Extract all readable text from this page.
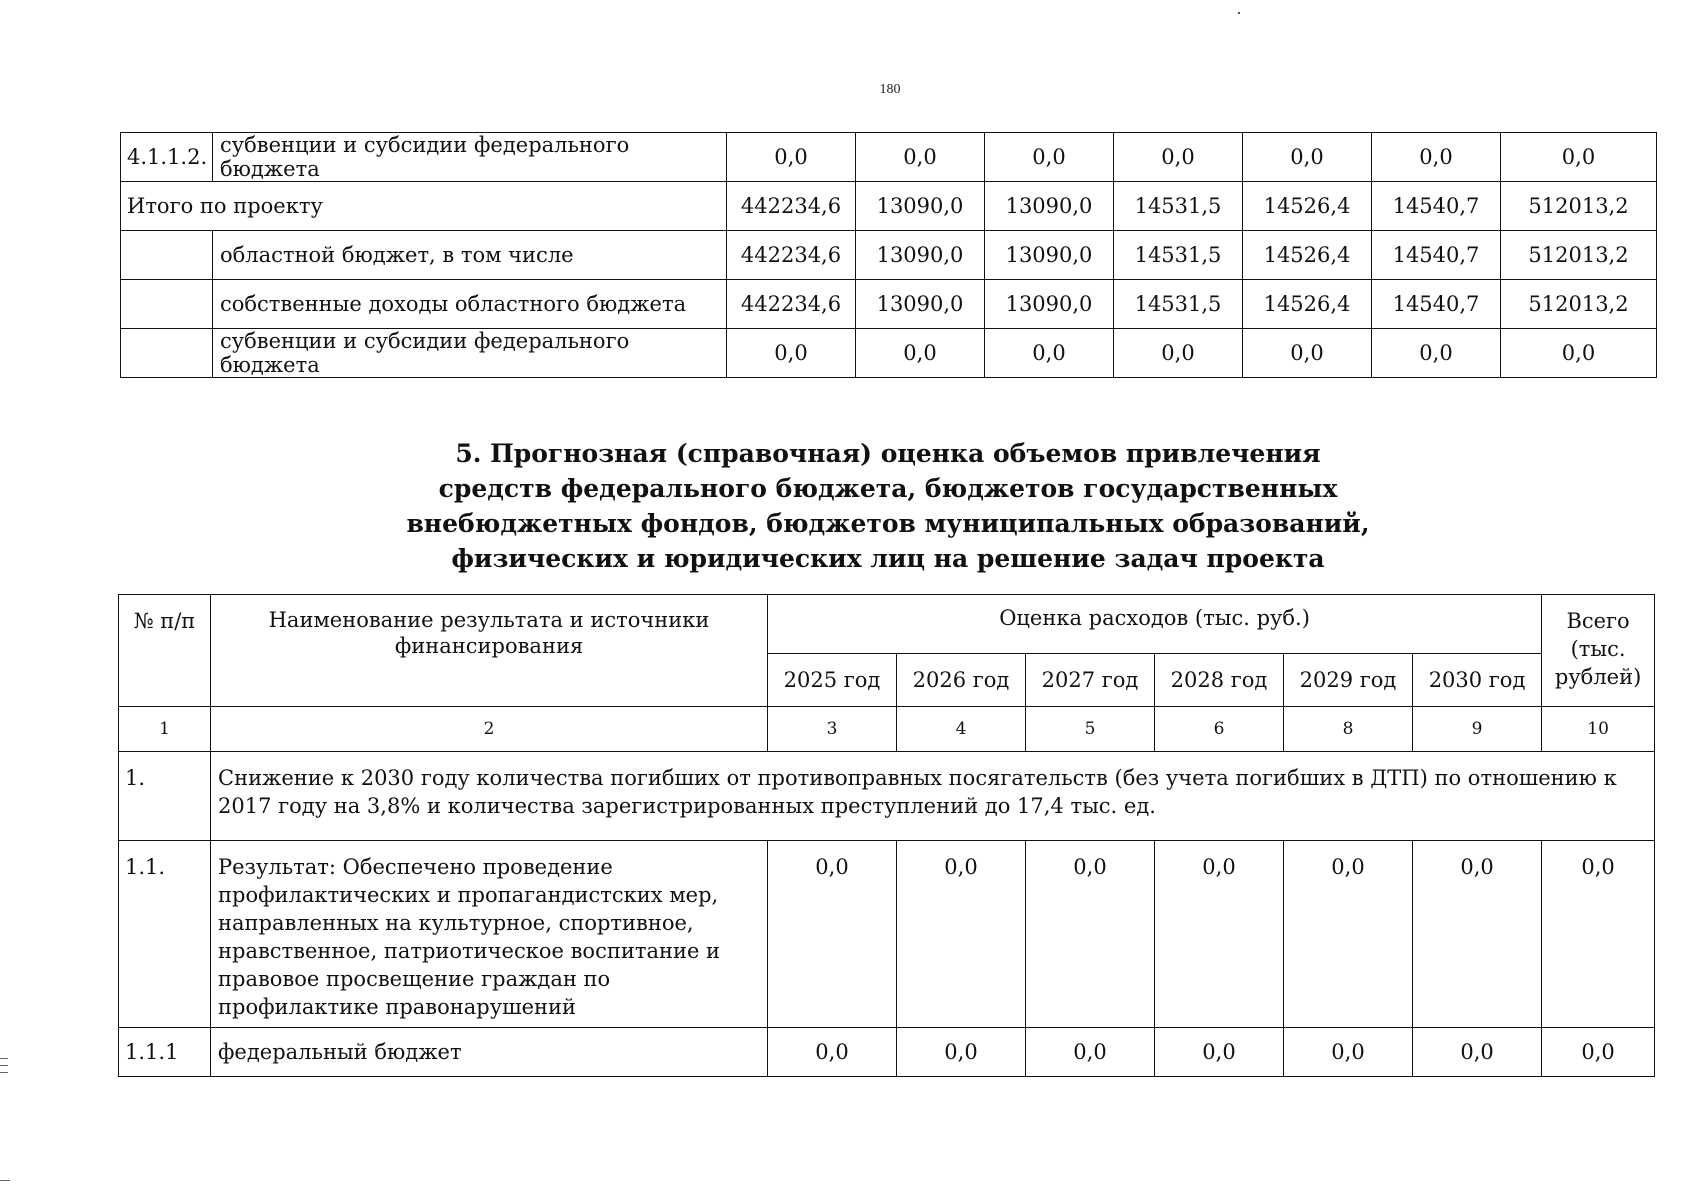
180
4.1.1.2.	субвенции и субсидии федерального бюджета	0,0	0,0	0,0	0,0	0,0	0,0	0,0
Итого по проекту		442234,6	13090,0	13090,0	14531,5	14526,4	14540,7	512013,2
	областной бюджет, в том числе	442234,6	13090,0	13090,0	14531,5	14526,4	14540,7	512013,2
	собственные доходы областного бюджета	442234,6	13090,0	13090,0	14531,5	14526,4	14540,7	512013,2
	субвенции и субсидии федерального бюджета	0,0	0,0	0,0	0,0	0,0	0,0	0,0
5. Прогнозная (справочная) оценка объемов привлечения
средств федерального бюджета, бюджетов государственных
внебюджетных фондов, бюджетов муниципальных образований,
физических и юридических лиц на решение задач проекта
№ п/п	Наименование результата и источники финансирования	Оценка расходов (тыс. руб.)						Всего (тыс. рублей)
		2025 год	2026 год	2027 год	2028 год	2029 год	2030 год	
1	2	3	4	5	6	8	9	10
1.	Снижение к 2030 году количества погибших от противоправных посягательств (без учета погибших в ДТП) по отношению к 2017 году на 3,8% и количества зарегистрированных преступлений до 17,4 тыс. ед.							
1.1.	Результат: Обеспечено проведение профилактических и пропагандистских мер, направленных на культурное, спортивное, нравственное, патриотическое воспитание и правовое просвещение граждан по профилактике правонарушений	0,0	0,0	0,0	0,0	0,0	0,0	0,0
1.1.1	федеральный бюджет	0,0	0,0	0,0	0,0	0,0	0,0	0,0
